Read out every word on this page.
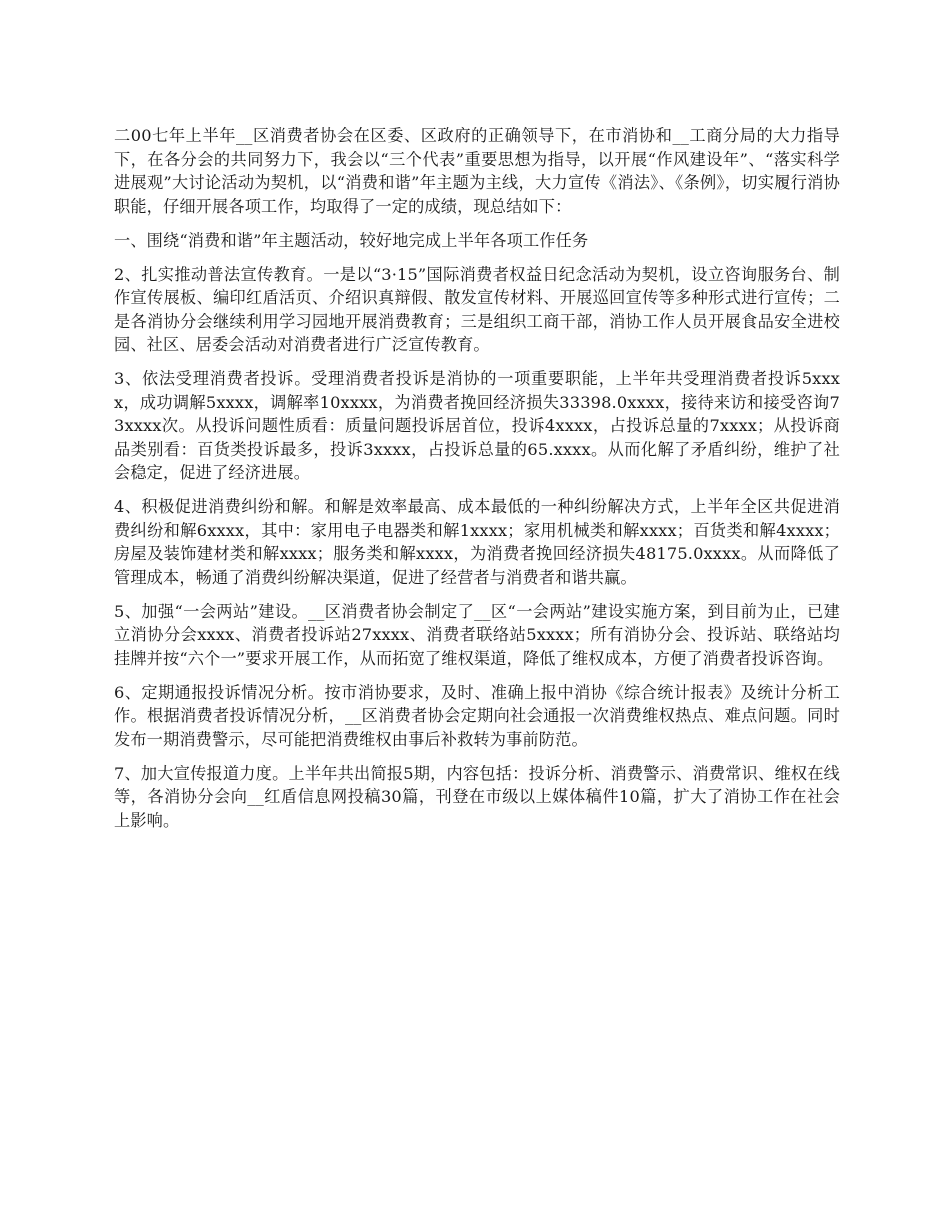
二00七年上半年__区消费者协会在区委、区政府的正确领导下，在市消协和__工商分局的大力指导下，在各分会的共同努力下，我会以“三个代表”重要思想为指导，以开展“作风建设年”、“落实科学进展观”大讨论活动为契机，以“消费和谐”年主题为主线，大力宣传《消法》、《条例》，切实履行消协职能，仔细开展各项工作，均取得了一定的成绩，现总结如下：

一、围绕“消费和谐”年主题活动，较好地完成上半年各项工作任务

2、扎实推动普法宣传教育。一是以“3·15”国际消费者权益日纪念活动为契机，设立咨询服务台、制作宣传展板、编印红盾活页、介绍识真辩假、散发宣传材料、开展巡回宣传等多种形式进行宣传；二是各消协分会继续利用学习园地开展消费教育；三是组织工商干部，消协工作人员开展食品安全进校园、社区、居委会活动对消费者进行广泛宣传教育。

3、依法受理消费者投诉。受理消费者投诉是消协的一项重要职能，上半年共受理消费者投诉5xxxx，成功调解5xxxx，调解率10xxxx，为消费者挽回经济损失33398.0xxxx，接待来访和接受咨询73xxxx次。从投诉问题性质看：质量问题投诉居首位，投诉4xxxx，占投诉总量的7xxxx；从投诉商品类别看：百货类投诉最多，投诉3xxxx，占投诉总量的65.xxxx。从而化解了矛盾纠纷，维护了社会稳定，促进了经济进展。

4、积极促进消费纠纷和解。和解是效率最高、成本最低的一种纠纷解决方式，上半年全区共促进消费纠纷和解6xxxx，其中：家用电子电器类和解1xxxx；家用机械类和解xxxx；百货类和解4xxxx；房屋及装饰建材类和解xxxx；服务类和解xxxx，为消费者挽回经济损失48175.0xxxx。从而降低了管理成本，畅通了消费纠纷解决渠道，促进了经营者与消费者和谐共赢。

5、加强“一会两站”建设。__区消费者协会制定了__区“一会两站”建设实施方案，到目前为止，已建立消协分会xxxx、消费者投诉站27xxxx、消费者联络站5xxxx；所有消协分会、投诉站、联络站均挂牌并按“六个一”要求开展工作，从而拓宽了维权渠道，降低了维权成本，方便了消费者投诉咨询。

6、定期通报投诉情况分析。按市消协要求，及时、准确上报中消协《综合统计报表》及统计分析工作。根据消费者投诉情况分析，__区消费者协会定期向社会通报一次消费维权热点、难点问题。同时发布一期消费警示，尽可能把消费维权由事后补救转为事前防范。

7、加大宣传报道力度。上半年共出简报5期，内容包括：投诉分析、消费警示、消费常识、维权在线等，各消协分会向__红盾信息网投稿30篇，刊登在市级以上媒体稿件10篇，扩大了消协工作在社会上影响。
